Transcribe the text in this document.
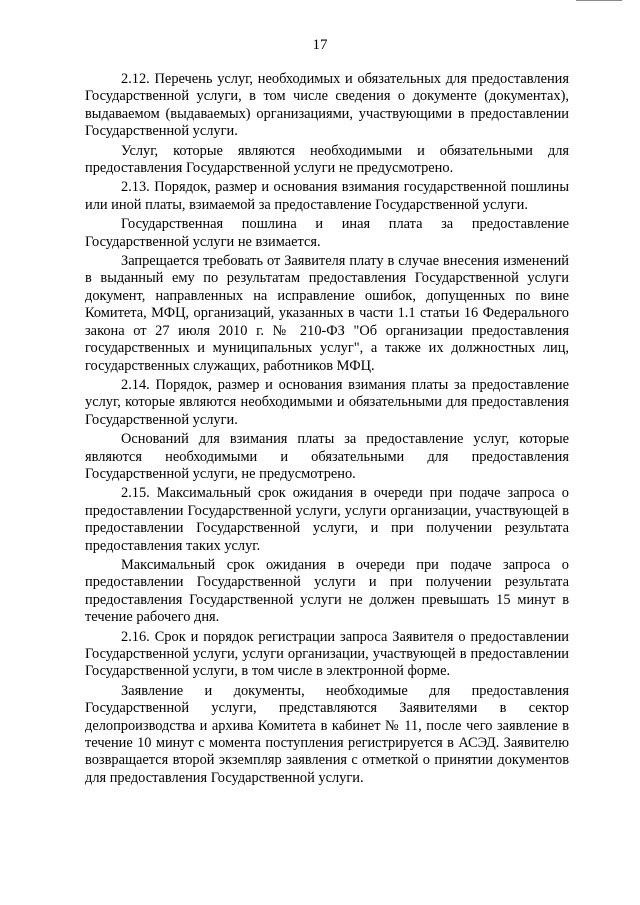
17

2.12. Перечень услуг, необходимых и обязательных для предоставления Государственной услуги, в том числе сведения о документе (документах), выдаваемом (выдаваемых) организациями, участвующими в предоставлении Государственной услуги.

Услуг, которые являются необходимыми и обязательными для предоставления Государственной услуги не предусмотрено.

2.13. Порядок, размер и основания взимания государственной пошлины или иной платы, взимаемой за предоставление Государственной услуги.

Государственная пошлина и иная плата за предоставление Государственной услуги не взимается.

Запрещается требовать от Заявителя плату в случае внесения изменений в выданный ему по результатам предоставления Государственной услуги документ, направленных на исправление ошибок, допущенных по вине Комитета, МФЦ, организаций, указанных в части 1.1 статьи 16 Федерального закона от 27 июля 2010 г. № 210-ФЗ "Об организации предоставления государственных и муниципальных услуг", а также их должностных лиц, государственных служащих, работников МФЦ.

2.14. Порядок, размер и основания взимания платы за предоставление услуг, которые являются необходимыми и обязательными для предоставления Государственной услуги.

Оснований для взимания платы за предоставление услуг, которые являются необходимыми и обязательными для предоставления Государственной услуги, не предусмотрено.

2.15. Максимальный срок ожидания в очереди при подаче запроса о предоставлении Государственной услуги, услуги организации, участвующей в предоставлении Государственной услуги, и при получении результата предоставления таких услуг.

Максимальный срок ожидания в очереди при подаче запроса о предоставлении Государственной услуги и при получении результата предоставления Государственной услуги не должен превышать 15 минут в течение рабочего дня.

2.16. Срок и порядок регистрации запроса Заявителя о предоставлении Государственной услуги, услуги организации, участвующей в предоставлении Государственной услуги, в том числе в электронной форме.

Заявление и документы, необходимые для предоставления Государственной услуги, представляются Заявителями в сектор делопроизводства и архива Комитета в кабинет № 11, после чего заявление в течение 10 минут с момента поступления регистрируется в АСЭД. Заявителю возвращается второй экземпляр заявления с отметкой о принятии документов для предоставления Государственной услуги.
